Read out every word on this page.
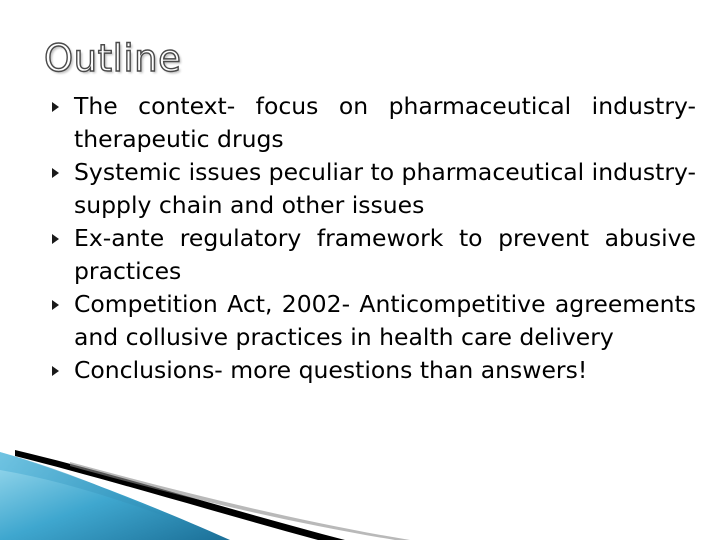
Outline
The context- focus on pharmaceutical industry- therapeutic drugs
Systemic issues peculiar to pharmaceutical industry- supply chain and other issues
Ex-ante regulatory framework to prevent abusive practices
Competition Act, 2002- Anticompetitive agreements and collusive practices in health care delivery
Conclusions- more questions than answers!
